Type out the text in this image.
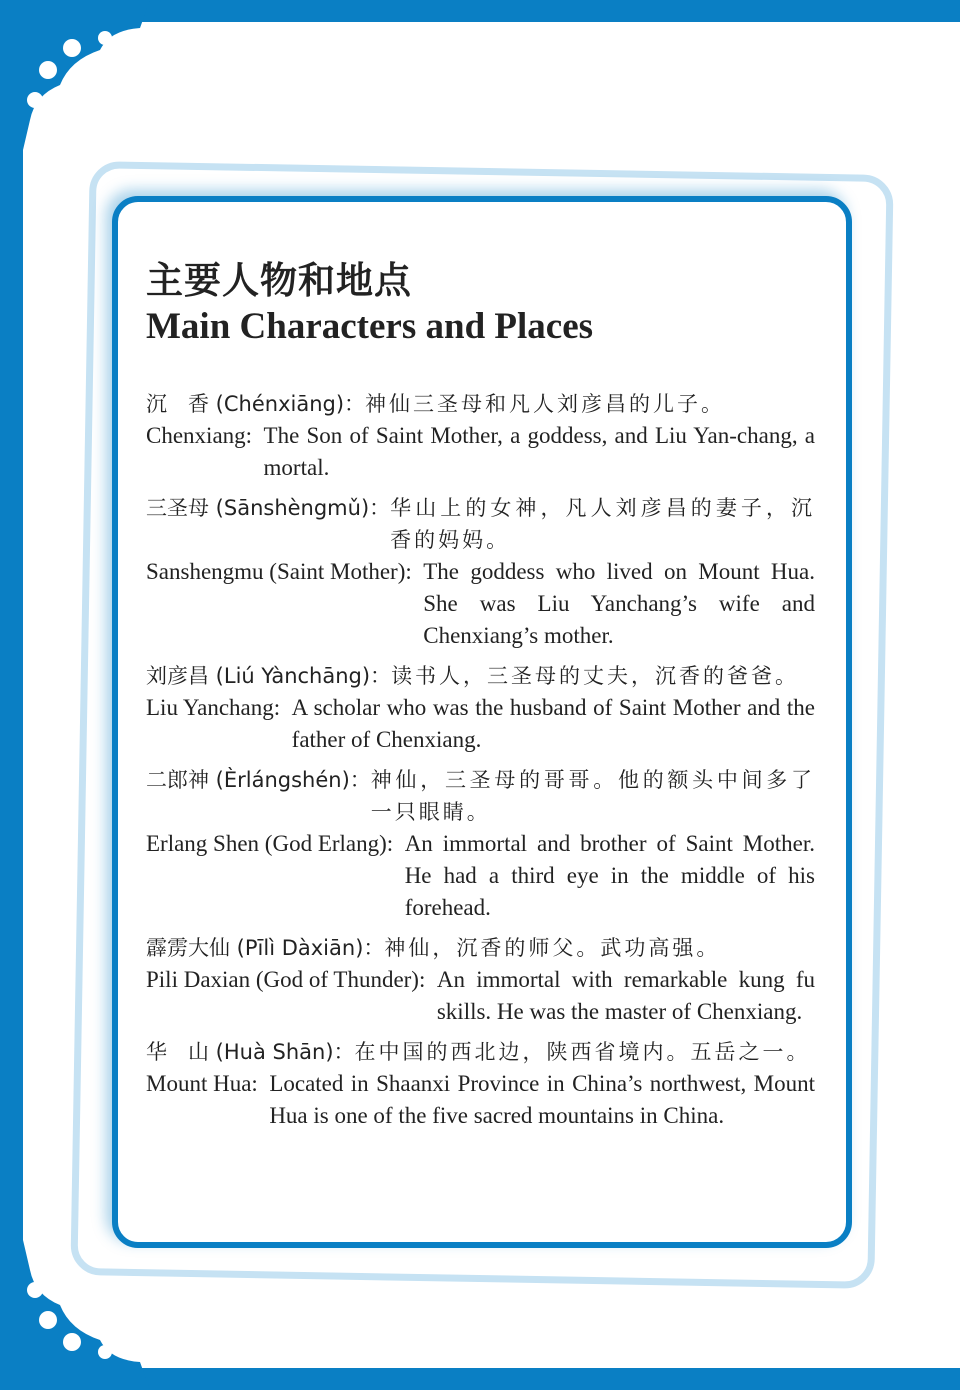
主要人物和地点
Main Characters and Places
沉　香 (Chénxiāng)： 神仙三圣母和凡人刘彦昌的儿子。
Chenxiang: The Son of Saint Mother, a goddess, and Liu Yan-chang, a mortal.
三圣母 (Sānshèngmǔ)： 华山上的女神，凡人刘彦昌的妻子，沉香的妈妈。
Sanshengmu (Saint Mother): The goddess who lived on Mount Hua. She was Liu Yanchang’s wife and Chenxiang’s mother.
刘彦昌 (Liú Yànchāng)： 读书人，三圣母的丈夫，沉香的爸爸。
Liu Yanchang: A scholar who was the husband of Saint Mother and the father of Chenxiang.
二郎神 (Èrlángshén)： 神仙，三圣母的哥哥。他的额头中间多了一只眼睛。
Erlang Shen (God Erlang): An immortal and brother of Saint Mother. He had a third eye in the middle of his forehead.
霹雳大仙 (Pīlì Dàxiān)： 神仙，沉香的师父。武功高强。
Pili Daxian (God of Thunder): An immortal with remarkable kung fu skills. He was the master of Chenxiang.
华　山 (Huà Shān)： 在中国的西北边，陕西省境内。五岳之一。
Mount Hua: Located in Shaanxi Province in China’s northwest, Mount Hua is one of the five sacred mountains in China.
